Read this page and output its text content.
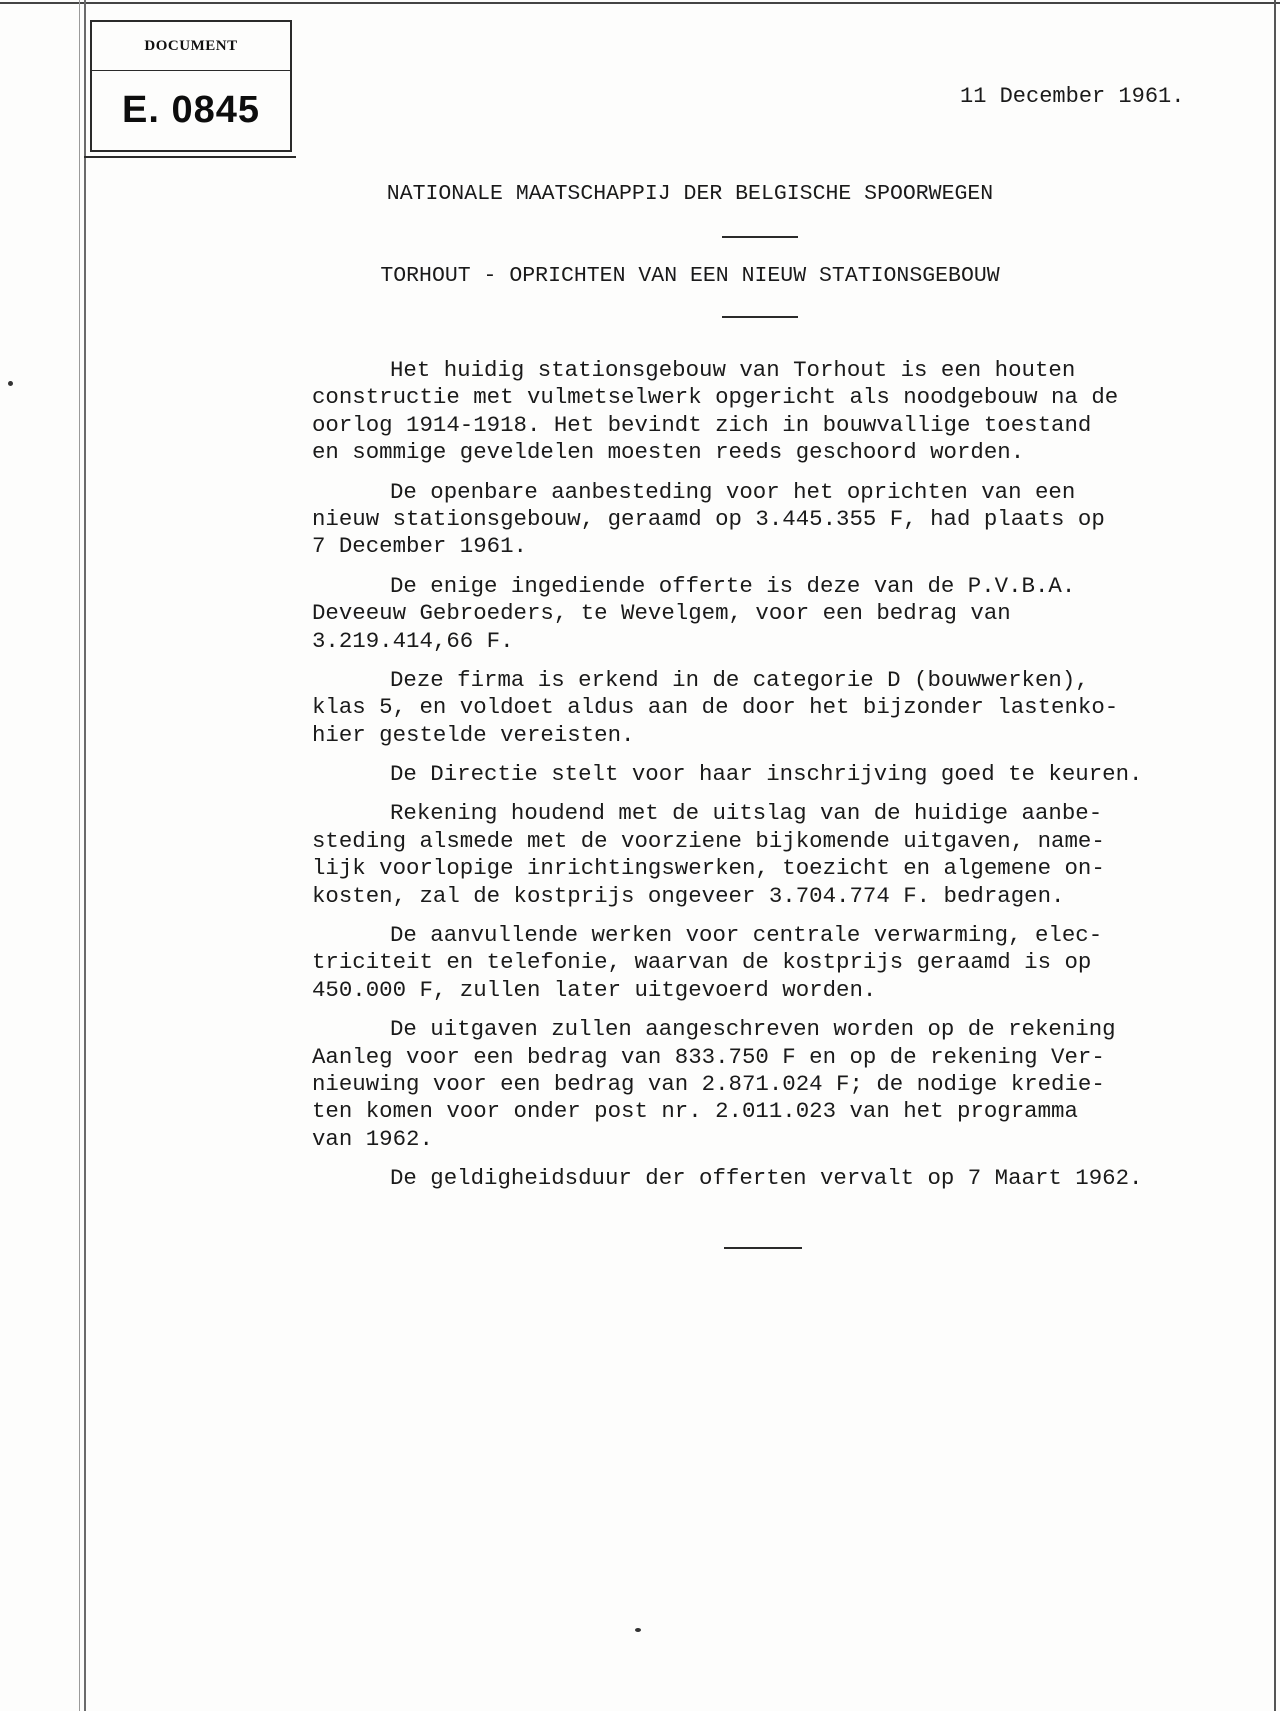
DOCUMENT
E. 0845	11 December 1961.
NATIONALE MAATSCHAPPIJ DER BELGISCHE SPOORWEGEN
TORHOUT - OPRICHTEN VAN EEN NIEUW STATIONSGEBOUW
Het huidig stationsgebouw van Torhout is een houten
constructie met vulmetselwerk opgericht als noodgebouw na de
oorlog 1914-1918. Het bevindt zich in bouwvallige toestand
en sommige geveldelen moesten reeds geschoord worden.
De openbare aanbesteding voor het oprichten van een
nieuw stationsgebouw, geraamd op 3.445.355 F, had plaats op
7 December 1961.
De enige ingediende offerte is deze van de P.V.B.A.
Deveeuw Gebroeders, te Wevelgem, voor een bedrag van
3.219.414,66 F.
Deze firma is erkend in de categorie D (bouwwerken),
klas 5, en voldoet aldus aan de door het bijzonder lastenko-
hier gestelde vereisten.
De Directie stelt voor haar inschrijving goed te keuren.
Rekening houdend met de uitslag van de huidige aanbe-
steding alsmede met de voorziene bijkomende uitgaven, name-
lijk voorlopige inrichtingswerken, toezicht en algemene on-
kosten, zal de kostprijs ongeveer 3.704.774 F. bedragen.
De aanvullende werken voor centrale verwarming, elec-
triciteit en telefonie, waarvan de kostprijs geraamd is op
450.000 F, zullen later uitgevoerd worden.
De uitgaven zullen aangeschreven worden op de rekening
Aanleg voor een bedrag van 833.750 F en op de rekening Ver-
nieuwing voor een bedrag van 2.871.024 F; de nodige kredie-
ten komen voor onder post nr. 2.011.023 van het programma
van 1962.
De geldigheidsduur der offerten vervalt op 7 Maart 1962.
